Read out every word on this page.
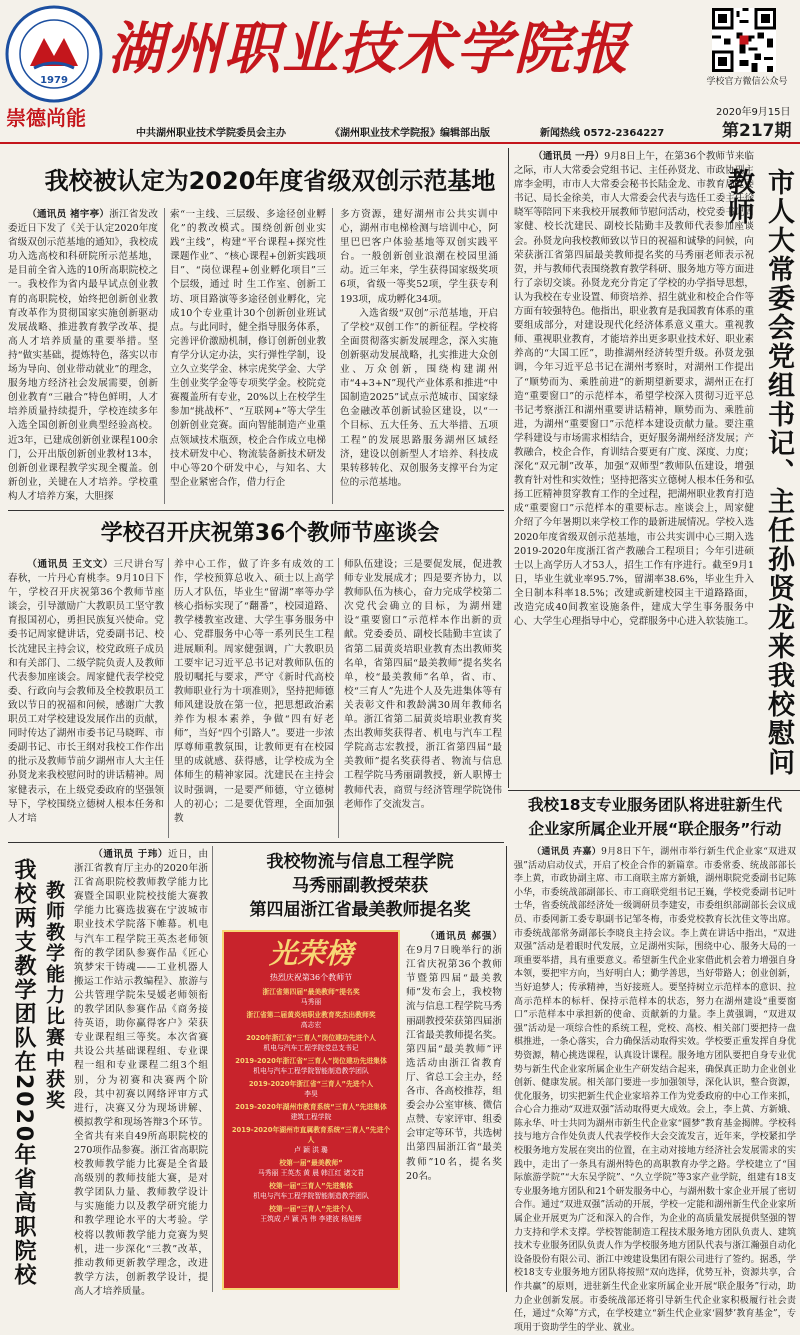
1979 湖州职业技术学院报
崇德尚能
学校官方微信公众号
2020年9月15日
中共湖州职业技术学院委员会主办	《湖州职业技术学院报》编辑部出版	新闻热线 0572-2364227	第217期
我校被认定为2020年度省级双创示范基地
（通讯员 褚宇亭）浙江省发改委近日下发了《关于认定2020年度省级双创示范基地的通知》，我校成功入选高校和科研院所示范基地，是目前全省入选的10所高职院校之一。我校作为省内最早试点创业教育的高职院校，始终把创新创业教育改革作为贯彻国家实施创新驱动发展战略、推进教育教学改革、提高人才培养质量的重要举措。坚持“做实基础，提炼特色，落实以市场为导向、创业带动就业”的理念，服务地方经济社会发展需要，创新创业教育“三融合”特色鲜明，人才培养质量持续提升，学校连续多年入选全国创新创业典型经验高校。近3年，已建成创新创业课程100余门，公开出版创新创业教材13本，创新创业课程教学实现全覆盖。创新创业，关键在人才培养。学校重构人才培养方案，大胆探
索“一主线、三层级、多途径创业孵化”的教改模式。围绕创新创业实践“主线”，构建“平台课程+探究性课题作业”、“核心课程+创新实践项目”、“岗位课程+创业孵化项目”三个层级，通过 时 生工作室、创新工坊、项目路演等多途径创业孵化，完成10个专业重计30个创新创业班试点。与此同时，健全指导服务体系，完善评价激励机制，修订创新创业教育学分认定办法，实行弹性学制，设立久立奖学金、林宗虎奖学金、大学生创业奖学金等专项奖学金。校院竞赛覆盖所有专业，20%以上在校学生参加“挑战杯”、“互联网+”等大学生创新创业竞赛。面向智能制造产业重点领域技术瓶颈，校企合作成立电梯技术研发中心、物流装备新技术研发中心等20个研发中心，与知名、大型企业紧密合作，借力行企
多方资源，建好湖州市公共实训中心，湖州市电梯检测与培训中心，阿里巴巴客户体验基地等双创实践平台。一般创新创业浪潮在校园里涌动。近三年来，学生获得国家级奖项6项，省级一等奖52项，学生获专利193项，成功孵化34项。
入选省级“双创”示范基地，开启了学校“双创工作”的新征程。学校将全面贯彻落实新发展理念，深入实施创新驱动发展战略，扎实推进大众创业、万众创新，围绕构建湖州市“4+3+N”现代产业体系和推进“中国制造2025”试点示范城市、国家绿色金融改革创新试验区建设，以“一个目标、五大任务、五大举措、五项工程”的发展思路服务湖州区域经济，建设以创新型人才培养、科技成果转移转化、双创服务支撑平台为定位的示范基地。
学校召开庆祝第36个教师节座谈会
（通讯员 王文文）三尺讲台写春秋，一片丹心育桃李。9月10日下午，学校召开庆祝第36个教师节座谈会，引导激励广大教职员工坚守教育报国初心，勇担民族复兴使命。党委书记周家健讲话，党委副书记、校长沈建民主持会议，校党政班子成员和有关部门、二级学院负责人及教师代表参加座谈会。周家健代表学校党委、行政向与会教师及全校教职员工致以节日的祝福和问候，感谢广大教职员工对学校建设发展作出的贡献，同时传达了湖州市委书记马晓晖、市委副书记、市长王纲对我校工作作出的批示及教师节前夕湖州市人大主任孙贤龙来我校慰问时的讲话精神。周家健表示，在上级党委政府的坚强领导下，学校围绕立德树人根本任务和人才培
养中心工作，做了许多有成效的工作，学校预算总收入、硕士以上高学历人才队伍，毕业生“留湖”率等办学核心指标实现了“翻番”，校园道路、教学楼教室改建、大学生事务服务中心、党群服务中心等一系列民生工程进展顺利。周家健强调，广大教职员工要牢记习近平总书记对教师队伍的殷切嘱托与要求，严守《新时代高校教师职业行为十项准则》，坚持把师德师风建设放在第一位，把思想政治素养作为根本素养，争做“四有好老师”，当好“四个引路人”。要进一步浓厚尊师重教氛围，让教师更有在校园里的成就感、获得感，让学校成为全体师生的精神家园。沈建民在主持会议时强调，一是要严师德，守立德树人的初心；二是要优管理，全面加强教
师队伍建设；三是要促发展，促进教师专业发展成才；四是要齐协力，以教师队伍为核心，奋力完成学校第二次党代会确立的目标，为湖州建设“重要窗口”示范样本作出新的贡献。党委委员、副校长陆勤丰宣读了省第二届黄炎培职业教育杰出教师奖名单，省第四届“最美教师”提名奖名单，校“最美教师”名单，省、市、校“三育人”先进个人及先进集体等有关表彰文件和教龄满30周年教师名单。浙江省第二届黄炎培职业教育奖杰出教师奖获得者、机电与汽车工程学院高志宏教授，浙江省第四届“最美教师”提名奖获得者、物流与信息工程学院马秀丽副教授，新人职博士教师代表，商贸与经济管理学院饶伟老师作了交流发言。
（通讯员 一丹）9月8日上午，在第36个教师节来临之际，市人大常委会党组书记、主任孙贤龙、市政协副主席李金明，市市人大常委会秘书长陆金龙、市教育局党委书记、局长金徐美，市人大常委会代表与选任工委主任徐晓军等陪同下来我校开展教师节慰问活动，校党委书记周家健、校长沈建民、副校长陆勤丰及教师代表参加座谈会。孙贤龙向我校教师致以节日的祝福和诚挚的问候，向荣获浙江省第四届最美教师提名奖的马秀丽老师表示祝贺，并与教师代表围绕教育教学科研、服务地方等方面进行了亲切交谈。孙贤龙充分肯定了学校的办学指导思想，认为我校在专业设置、师资培养、招生就业和校企合作等方面有较强特色。他指出，职业教育是我国教育体系的重要组成部分，对建设现代化经济体系意义重大。重视教师、重视职业教育，才能培养出更多职业技术好、职业素养高的“大国工匠”，助推湖州经济转型升级。孙贤龙强调，今年习近平总书记在湖州考察时，对湖州工作提出了“顺势而为、乘胜前进”的新期望新要求，湖州正在打造“重要窗口”的示范样本，希望学校深入贯彻习近平总书记考察浙江和湖州重要讲话精神，顺势而为、乘胜前进，为湖州“重要窗口”示范样本建设贡献力量。要注重学科建设与市场需求相结合，更好服务湖州经济发展；产教融合，校企合作，育训结合要更有广度、深度、力度；深化“双元制”改革，加强“双师型”教师队伍建设，增强教育针对性和实效性；坚持把落实立德树人根本任务和弘扬工匠精神贯穿教育工作的全过程，把湖州职业教育打造成“重要窗口”示范样本的重要标志。座谈会上，周家健介绍了今年暑期以来学校工作的最新进展情况。学校入选2020年度省级双创示范基地，市公共实训中心三期入选2019-2020年度浙江省产教融合工程项目；今年引进硕士以上高学历人才53人，招生工作有序进行。截至9月1日，毕业生就业率95.7%，留湖率38.6%，毕业生升入全日制本科率18.5%；改建或新建校园主干道路路面，改造完成40间教室设施条件，建成大学生事务服务中心、大学生心理指导中心，党群服务中心进入软装施工。 市人大常委会党组书记、主任孙贤龙来我校慰问教师
我校18支专业服务团队将进驻新生代
企业家所属企业开展“联企服务”行动
（通讯员 卉嘉）9月8日下午，湖州市举行新生代企业家“双进双强”活动启动仪式，开启了校企合作的新篇章。市委常委、统战部部长李上黄，市政协副主席、市工商联主席方新娥，湖州职院党委副书记陈小华，市委统战部副部长、市工商联党组书记王巍，学校党委副书记叶士华，省委统战部经济处一级调研员李建安，市委组织部副部长会议成员、市委网新工委专职副书记邹冬梅，市委党校教育长沈佳文等出席。市委统战部常务副部长李晓良主持会议。李上黄在讲话中指出，“双进双强”活动是着眼时代发展，立足湖州实际，围绕中心、服务大局的一项重要举措，具有重要意义。希望新生代企业家借此机会着力增强自身本领，要把牢方向，当好明白人；勤学善思，当好带路人；创业创新，当好追梦人；传承精神，当好接班人。要坚持树立示范样本的意识、拉高示范样本的标杆、保持示范样本的状态，努力在湖州建设“重要窗口”示范样本中承担新的使命、贡献新的力量。李上黄强调，“双进双强”活动是一项综合性的系统工程，党校、高校、相关部门要把持一盘棋推进，一条心落实，合力确保活动取得实效。学校要正重发挥自身优势资源，精心挑选课程，认真设计课程。服务地方团队要把自身专业优势与新生代企业家所属企业生产研发结合起来，确保真正助力企业创业创新、健康发展。相关部门要进一步加强领导，深化认识，整合资源，优化服务，切实把新生代企业家培养工作为党委政府的中心工作来抓，合心合力推动“双进双强”活动取得更大成效。会上，李上黄、方新娥、陈永华、叶士共同为湖州市新生代企业家“圆梦”教育基金揭牌。学校科技与地方合作处负责人代表学校作大会交流发言，近年来，学校紧扣学校服务地方发展在突出的位置，在主动对接地方经济社会发展需求的实践中，走出了一条具有湖州特色的高职教育办学之路。学校建立了“国际旅游学院”“大东吴学院”、“久立学院”等3家产业学院，组建有18支专业服务地方团队和21个研发服务中心，与湖州数十家企业开展了密切合作。通过“双进双强”活动的开展，学校一定能和湖州新生代企业家所属企业开展更为广泛和深入的合作，为企业的高质量发展提供坚强的智力支持和学术支撑。学校智能制造工程技术服务地方团队负责人、建筑技术专业服务团队负责人作为学校服务地方团队代表与浙江瀚强自动化设备股份有限公司、浙江中竣建设集团有限公司进行了签约。据悉，学校18支专业服务地方团队将按照“双向选择，优势互补，资源共享，合作共赢”的原则，进驻新生代企业家所属企业开展“联企服务”行动，助力企业创新发展。市委统战部还将引导新生代企业家积极履行社会责任，通过“众筹”方式，在学校建立“新生代企业家‘圆梦’教育基金”，专项用于资助学生的学业、就业。
我校两支教学团队在2020年省高职院校 教师教学能力比赛中获奖
（通讯员 于玮）近日，由浙江省教育厅主办的2020年浙江省高职院校教师教学能力比赛暨全国职业院校技能大赛教学能力比赛选拔赛在宁波城市职业技术学院落下帷幕。机电与汽车工程学院王英杰老师领衔的教学团队参赛作品《匠心筑梦宋干铸魂——工业机器人搬运工作站示教编程》、旅游与公共管理学院朱旻媛老师领衔的教学团队参赛作品《商务接待英语，助你赢得客户》荣获专业课程组三等奖。本次省赛共设公共基础课程组、专业课程一组和专业课程二组3个组别，分为初赛和决赛两个阶段，其中初赛以网络评审方式进行，决赛又分为现场讲解、模拟教学和现场答辩3个环节。全省共有来自49所高职院校的270项作品参赛。浙江省高职院校教师教学能力比赛是全省最高级别的教师技能大赛，是对教学团队力量、教师教学设计与实施能力以及教学研究能力和教学理论水平的大考验。学校将以教师教学能力竞赛为契机，进一步深化“三教”改革，推动教师更新教学理念，改进教学方法，创新教学设计，提高人才培养质量。
我校物流与信息工程学院
马秀丽副教授荣获
第四届浙江省最美教师提名奖
光荣榜
热烈庆祝第36个教师节
浙江省第四届“最美教师”提名奖
马秀丽
浙江省第二届黄炎培职业教育奖杰出教师奖
高志宏
2020年浙江省“三育人”岗位建功先进个人
机电与汽车工程学院党总支书记
2019-2020年浙江省“三育人”岗位建功先进集体
机电与汽车工程学院智能制造教学团队
2019-2020年浙江省“三育人”先进个人
李昊
2019-2020年湖州市教育系统“三育人”先进集体
建筑工程学院
2019-2020年湖州市直属教育系统“三育人”先进个人
卢 颖 洪 璐
校第一届“最美教师”
马秀丽 王英杰 黄 晨 韩江红 诸文君
校第一届“三育人”先进集体
机电与汽车工程学院智能制造教学团队
校第一届“三育人”先进个人
王筑成 卢 颖 冯 伟 李建波 杨旭辉
（通讯员 郝强）在9月7日晚举行的浙江省庆祝第36个教师节暨第四届“最美教师”发布会上，我校物流与信息工程学院马秀丽副教授荣获第四届浙江省最美教师提名奖。第四届“最美教师”评选活动由浙江省教育厅、省总工会主办，经各市、各高校推荐，组委会办公室审核、微信点赞、专家评审、组委会审定等环节，共选树出第四届浙江省“最美教师”10名，提名奖20名。
